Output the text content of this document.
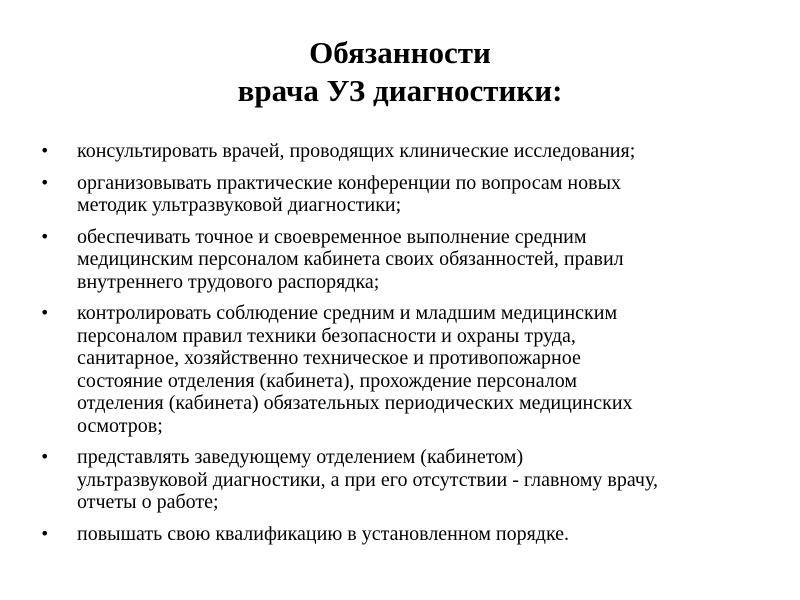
Обязанности
врача УЗ диагностики:
• консультировать врачей, проводящих клинические исследования;
• организовывать практические конференции по вопросам новых
методик ультразвуковой диагностики;
• обеспечивать точное и своевременное выполнение средним
медицинским персоналом кабинета своих обязанностей, правил
внутреннего трудового распорядка;
• контролировать соблюдение средним и младшим медицинским
персоналом правил техники безопасности и охраны труда,
санитарное, хозяйственно техническое и противопожарное
состояние отделения (кабинета), прохождение персоналом
отделения (кабинета) обязательных периодических медицинских
осмотров;
• представлять заведующему отделением (кабинетом)
ультразвуковой диагностики, а при его отсутствии - главному врачу,
отчеты о работе;
• повышать свою квалификацию в установленном порядке.
